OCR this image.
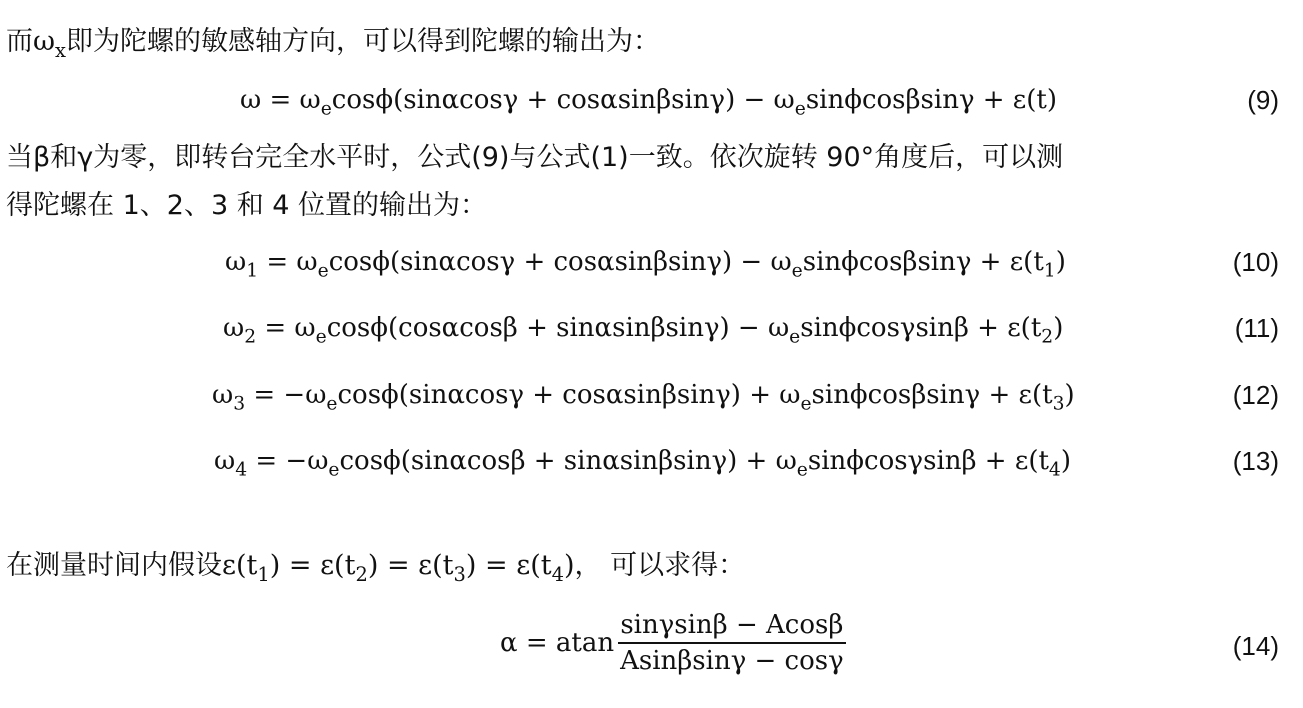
而$\omega_x$即为陀螺的敏感轴方向，可以得到陀螺的输出为：
$\omega = \omega_e\cos\phi(\sin\alpha\cos\gamma + \cos\alpha\sin\beta\sin\gamma) - \omega_e\sin\phi\cos\beta\sin\gamma + \varepsilon(t)$	(9)
当β和γ为零，即转台完全水平时，公式(9)与公式(1)一致。依次旋转 90°角度后，可以测
得陀螺在 1、2、3 和 4 位置的输出为：
$\omega_1 = \omega_e\cos\phi(\sin\alpha\cos\gamma + \cos\alpha\sin\beta\sin\gamma) - \omega_e\sin\phi\cos\beta\sin\gamma + \varepsilon(t_1)$	(10)
$\omega_2 = \omega_e\cos\phi(\cos\alpha\cos\beta + \sin\alpha\sin\beta\sin\gamma) - \omega_e\sin\phi\cos\gamma\sin\beta + \varepsilon(t_2)$	(11)
$\omega_3 = -\omega_e\cos\phi(\sin\alpha\cos\gamma + \cos\alpha\sin\beta\sin\gamma) + \omega_e\sin\phi\cos\beta\sin\gamma + \varepsilon(t_3)$	(12)
$\omega_4 = -\omega_e\cos\phi(\sin\alpha\cos\beta + \sin\alpha\sin\beta\sin\gamma) + \omega_e\sin\phi\cos\gamma\sin\beta + \varepsilon(t_4)$	(13)
在测量时间内假设$\varepsilon(t_1) = \varepsilon(t_2) = \varepsilon(t_3) = \varepsilon(t_4)$， 可以求得：
α = atan $\frac{\sin\gamma\sin\beta - Acos\beta}{Asin\beta\sin\gamma - \cos\gamma}$	(14)
